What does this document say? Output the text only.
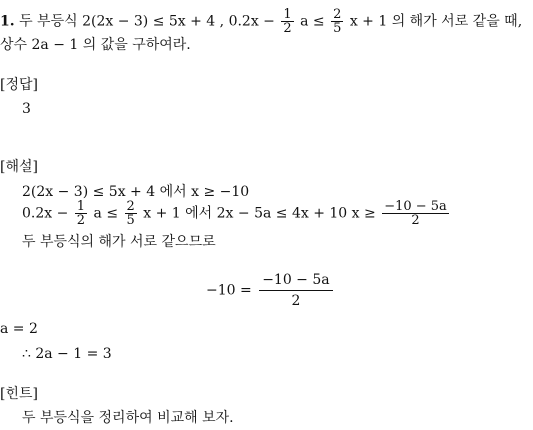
1. 두 부등식 2(2x − 3) ≤ 5x + 4 , $0.2x - \frac{1}{2}$ $a \le \frac{2}{5}$ x + 1 의 해가 서로 같을 때,
상수 2a − 1 의 값을 구하여라.
[정답]
3
[해설]
2(2x − 3) ≤ 5x + 4 에서 x ≥ −10
$0.2x - \frac{1}{2}$ $a \le \frac{2}{5}$ x + 1 에서 2x − 5a ≤ 4x + 10 $x \ge \frac{-10 - 5a}{2}$
두 부등식의 해가 서로 같으므로
$-10 = \frac{-10 - 5a}{2}$
a = 2
∴ 2a − 1 = 3
[힌트]
두 부등식을 정리하여 비교해 보자.
